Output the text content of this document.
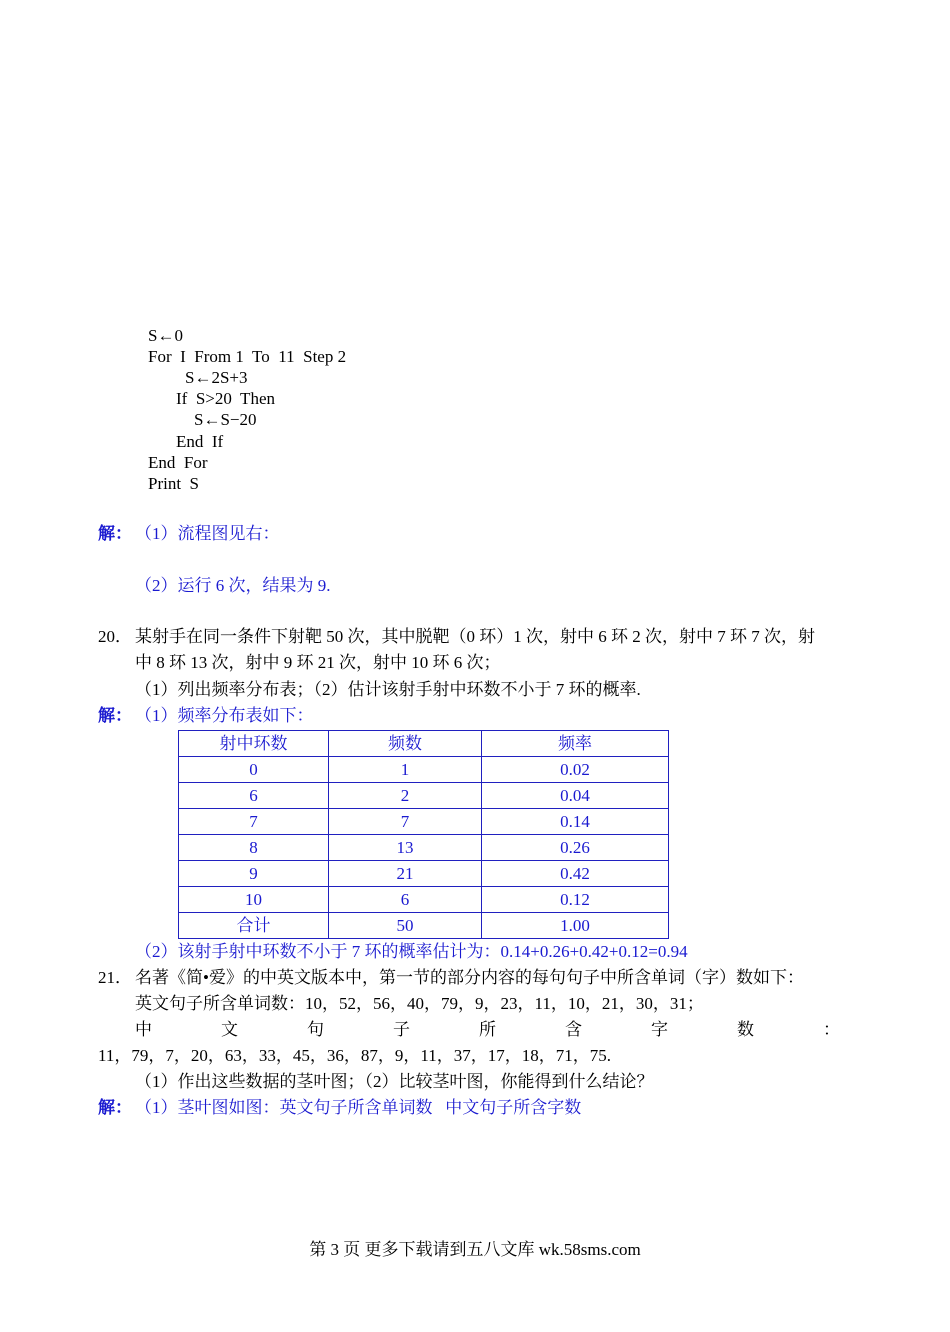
S←0
For  I  From 1  To  11  Step 2
S←2S+3
If  S>20  Then
S←S−20
End  If
End  For
Print  S
解： （1）流程图见右：
（2）运行 6 次，结果为 9.
20． 某射手在同一条件下射靶 50 次，其中脱靶（0 环）1 次，射中 6 环 2 次，射中 7 环 7 次，射
中 8 环 13 次，射中 9 环 21 次，射中 10 环 6 次；
（1）列出频率分布表；（2）估计该射手射中环数不小于 7 环的概率.
解： （1）频率分布表如下：
射中环数	频数	频率
0	1	0.02
6	2	0.04
7	7	0.14
8	13	0.26
9	21	0.42
10	6	0.12
合计	50	1.00
（2）该射手射中环数不小于 7 环的概率估计为：0.14+0.26+0.42+0.12=0.94
21． 名著《简•爱》的中英文版本中，第一节的部分内容的每句句子中所含单词（字）数如下：
英文句子所含单词数：10，52，56，40，79，9，23，11，10，21，30，31；
中	文	句	子	所	含	字	数	：
11，79，7，20，63，33，45，36，87，9，11，37，17，18，71，75.
（1）作出这些数据的茎叶图；（2）比较茎叶图，你能得到什么结论？
解： （1）茎叶图如图：英文句子所含单词数   中文句子所含字数
第 3 页 更多下载请到五八文库 wk.58sms.com
